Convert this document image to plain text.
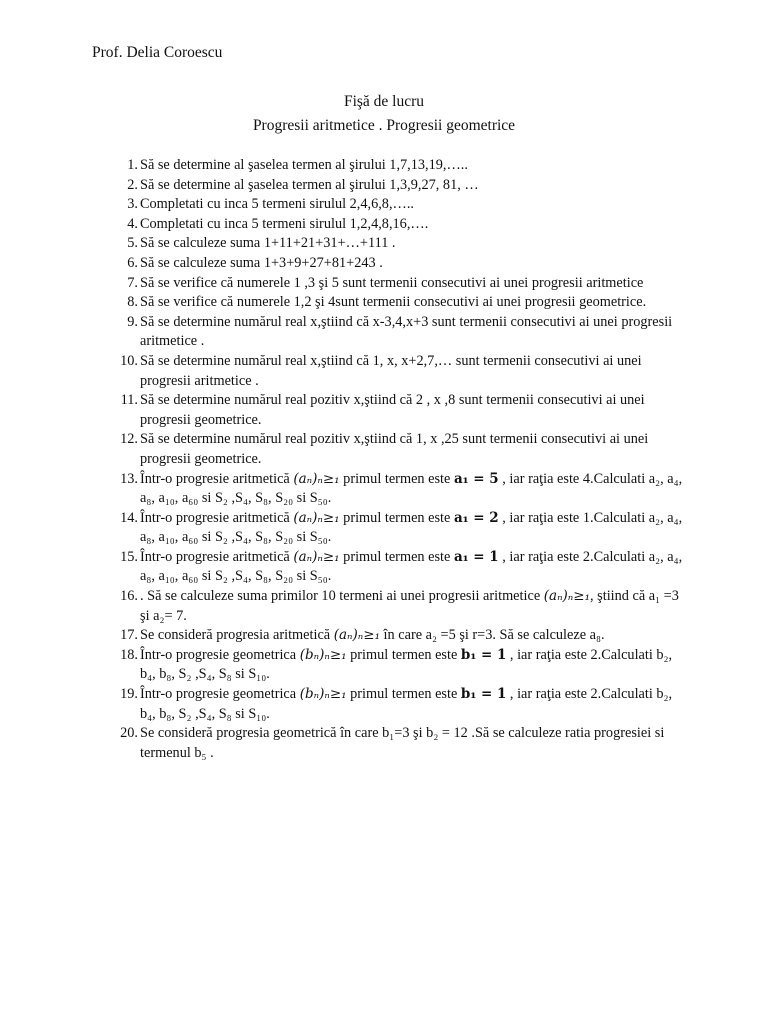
Prof. Delia Coroescu
Fişă de lucru
Progresii aritmetice . Progresii geometrice
1. Să se determine al şaselea termen al şirului 1,7,13,19,…..
2. Să se determine al şaselea termen al şirului 1,3,9,27, 81, …
3. Completati cu inca 5 termeni sirulul 2,4,6,8,…..
4. Completati cu inca 5 termeni sirulul 1,2,4,8,16,….
5. Să se calculeze suma 1+11+21+31+…+111 .
6. Să se calculeze suma 1+3+9+27+81+243 .
7. Să se verifice că numerele 1 ,3 şi 5 sunt termenii consecutivi ai unei progresii aritmetice
8. Să se verifice că numerele 1,2 şi 4sunt termenii consecutivi ai unei progresii geometrice.
9. Să se determine numărul real x,ştiind că x-3,4,x+3 sunt termenii consecutivi ai unei progresii aritmetice .
10. Să se determine numărul real x,ştiind că 1, x, x+2,7,… sunt termenii consecutivi ai unei progresii aritmetice .
11. Să se determine numărul real pozitiv x,ştiind că 2 , x ,8 sunt termenii consecutivi ai unei progresii geometrice.
12. Să se determine numărul real pozitiv x,ştiind că 1, x ,25 sunt termenii consecutivi ai unei progresii geometrice.
13. Într-o progresie aritmetică (aₙ)ₙ≥₁ primul termen este a₁ = 5 , iar raţia este 4.Calculati a₂, a₄, a₈, a₁₀, a₆₀ si S₂ ,S₄, S₈, S₂₀ si S₅₀.
14. Într-o progresie aritmetică (aₙ)ₙ≥₁ primul termen este a₁ = 2 , iar raţia este 1.Calculati a₂, a₄, a₈, a₁₀, a₆₀ si S₂ ,S₄, S₈, S₂₀ si S₅₀.
15. Într-o progresie aritmetică (aₙ)ₙ≥₁ primul termen este a₁ = 1 , iar raţia este 2.Calculati a₂, a₄, a₈, a₁₀, a₆₀ si S₂ ,S₄, S₈, S₂₀ si S₅₀.
16. . Să se calculeze suma primilor 10 termeni ai unei progresii aritmetice (aₙ)ₙ≥₁, ştiind că a₁ =3 şi a₂= 7.
17. Se consideră progresia aritmetică (aₙ)ₙ≥₁ în care a₂ =5 şi r=3. Să se calculeze a₈.
18. Într-o progresie geometrica (bₙ)ₙ≥₁ primul termen este b₁ = 1 , iar raţia este 2.Calculati b₂, b₄, b₈, S₂ ,S₄, S₈ si S₁₀.
19. Într-o progresie geometrica (bₙ)ₙ≥₁ primul termen este b₁ = 1 , iar raţia este 2.Calculati b₂, b₄, b₈, S₂ ,S₄, S₈ si S₁₀.
20. Se consideră progresia geometrică în care b₁=3 şi b₂ = 12 .Să se calculeze ratia progresiei si termenul b₅ .
